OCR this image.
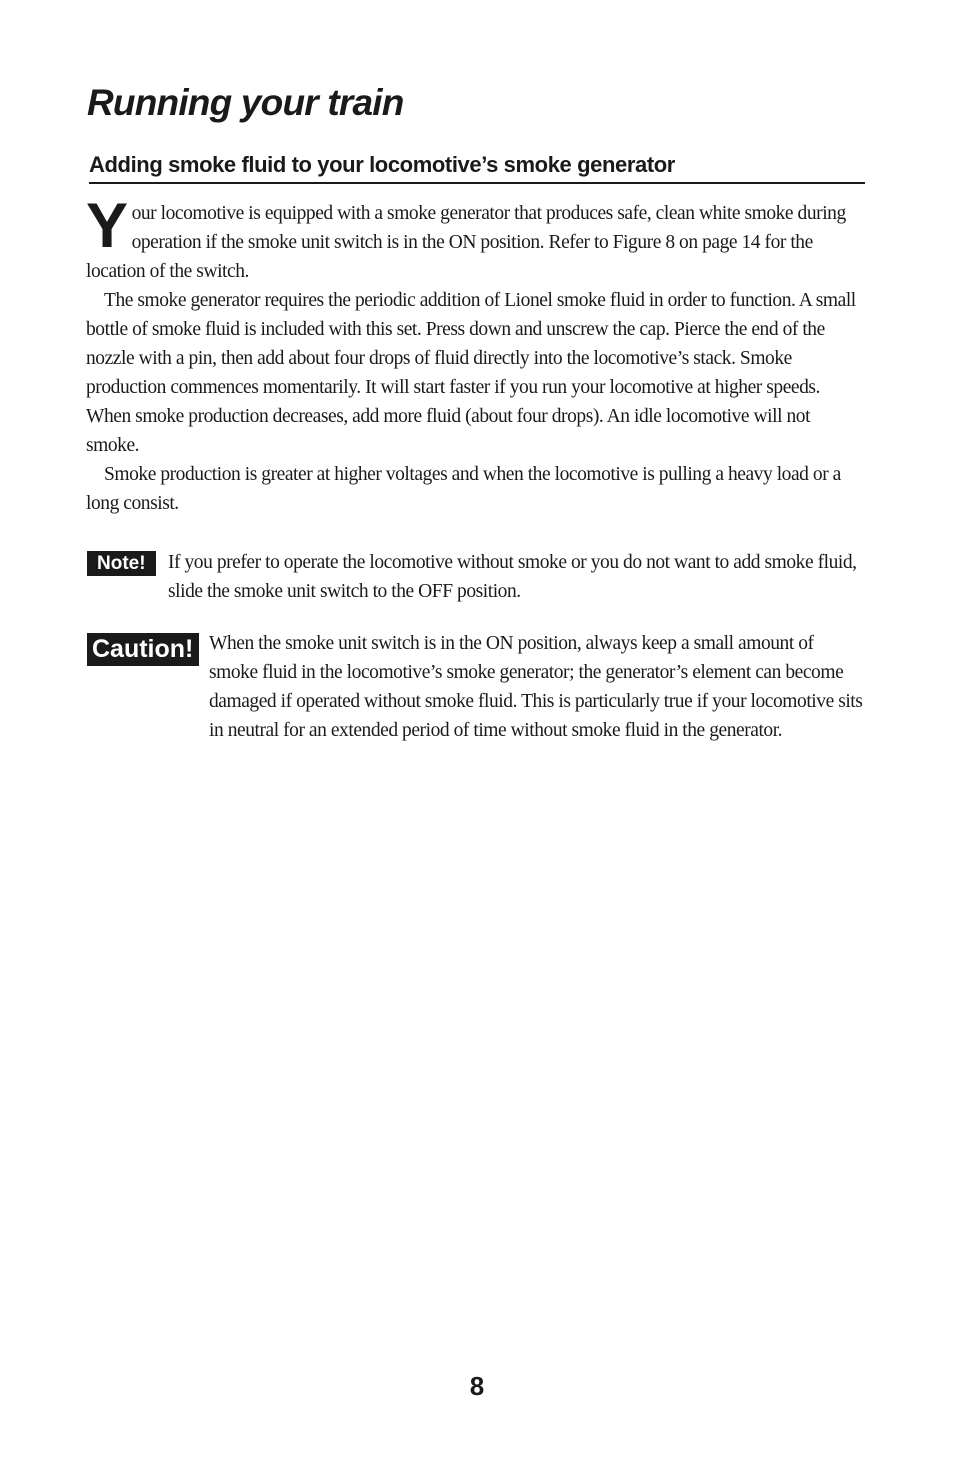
Running your train
Adding smoke fluid to your locomotive’s smoke generator

Your locomotive is equipped with a smoke generator that produces safe, clean white smoke during operation if the smoke unit switch is in the ON position. Refer to Figure 8 on page 14 for the location of the switch.

The smoke generator requires the periodic addition of Lionel smoke fluid in order to function. A small bottle of smoke fluid is included with this set. Press down and unscrew the cap. Pierce the end of the nozzle with a pin, then add about four drops of fluid directly into the locomotive’s stack. Smoke production commences momentarily. It will start faster if you run your locomotive at higher speeds. When smoke production decreases, add more fluid (about four drops). An idle locomotive will not smoke.

Smoke production is greater at higher voltages and when the locomotive is pulling a heavy load or a long consist.

Note!	If you prefer to operate the locomotive without smoke or you do not want to add smoke fluid, slide the smoke unit switch to the OFF position.

Caution! When the smoke unit switch is in the ON position, always keep a small amount of smoke fluid in the locomotive’s smoke generator; the generator’s element can become damaged if operated without smoke fluid. This is particularly true if your locomotive sits in neutral for an extended period of time without smoke fluid in the generator.

8
